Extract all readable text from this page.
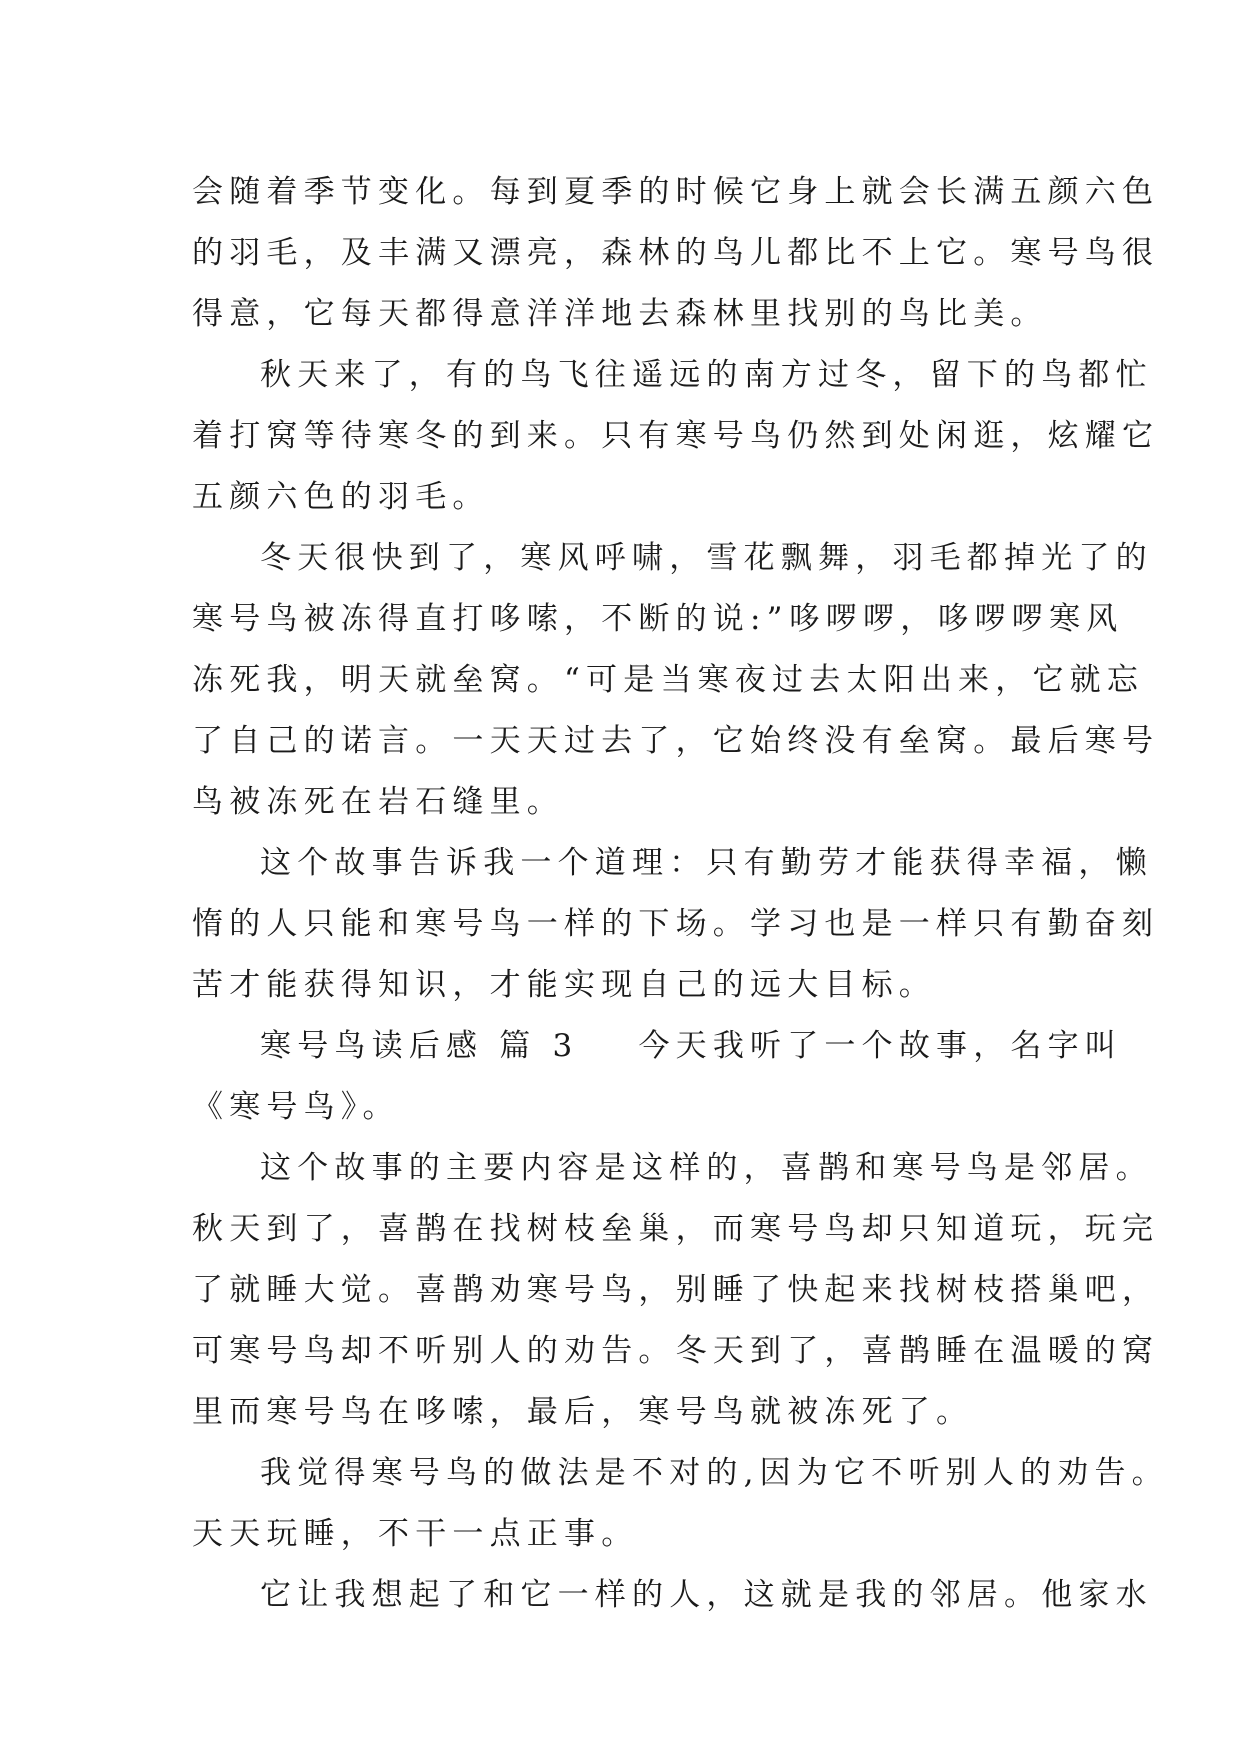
会随着季节变化。每到夏季的时候它身上就会长满五颜六色
的羽毛，及丰满又漂亮，森林的鸟儿都比不上它。寒号鸟很
得意，它每天都得意洋洋地去森林里找别的鸟比美。
秋天来了，有的鸟飞往遥远的南方过冬，留下的鸟都忙
着打窝等待寒冬的到来。只有寒号鸟仍然到处闲逛，炫耀它
五颜六色的羽毛。
冬天很快到了，寒风呼啸，雪花飘舞，羽毛都掉光了的
寒号鸟被冻得直打哆嗦，不断的说:”哆啰啰，哆啰啰寒风
冻死我，明天就垒窝。“可是当寒夜过去太阳出来，它就忘
了自己的诺言。一天天过去了，它始终没有垒窝。最后寒号
鸟被冻死在岩石缝里。
这个故事告诉我一个道理：只有勤劳才能获得幸福，懒
惰的人只能和寒号鸟一样的下场。学习也是一样只有勤奋刻
苦才能获得知识，才能实现自己的远大目标。
寒号鸟读后感 篇 3 今天我听了一个故事，名字叫
《寒号鸟》。
这个故事的主要内容是这样的，喜鹊和寒号鸟是邻居。
秋天到了，喜鹊在找树枝垒巢，而寒号鸟却只知道玩，玩完
了就睡大觉。喜鹊劝寒号鸟，别睡了快起来找树枝搭巢吧，
可寒号鸟却不听别人的劝告。冬天到了，喜鹊睡在温暖的窝
里而寒号鸟在哆嗦，最后，寒号鸟就被冻死了。
我觉得寒号鸟的做法是不对的,因为它不听别人的劝告。
天天玩睡，不干一点正事。
它让我想起了和它一样的人，这就是我的邻居。他家水
